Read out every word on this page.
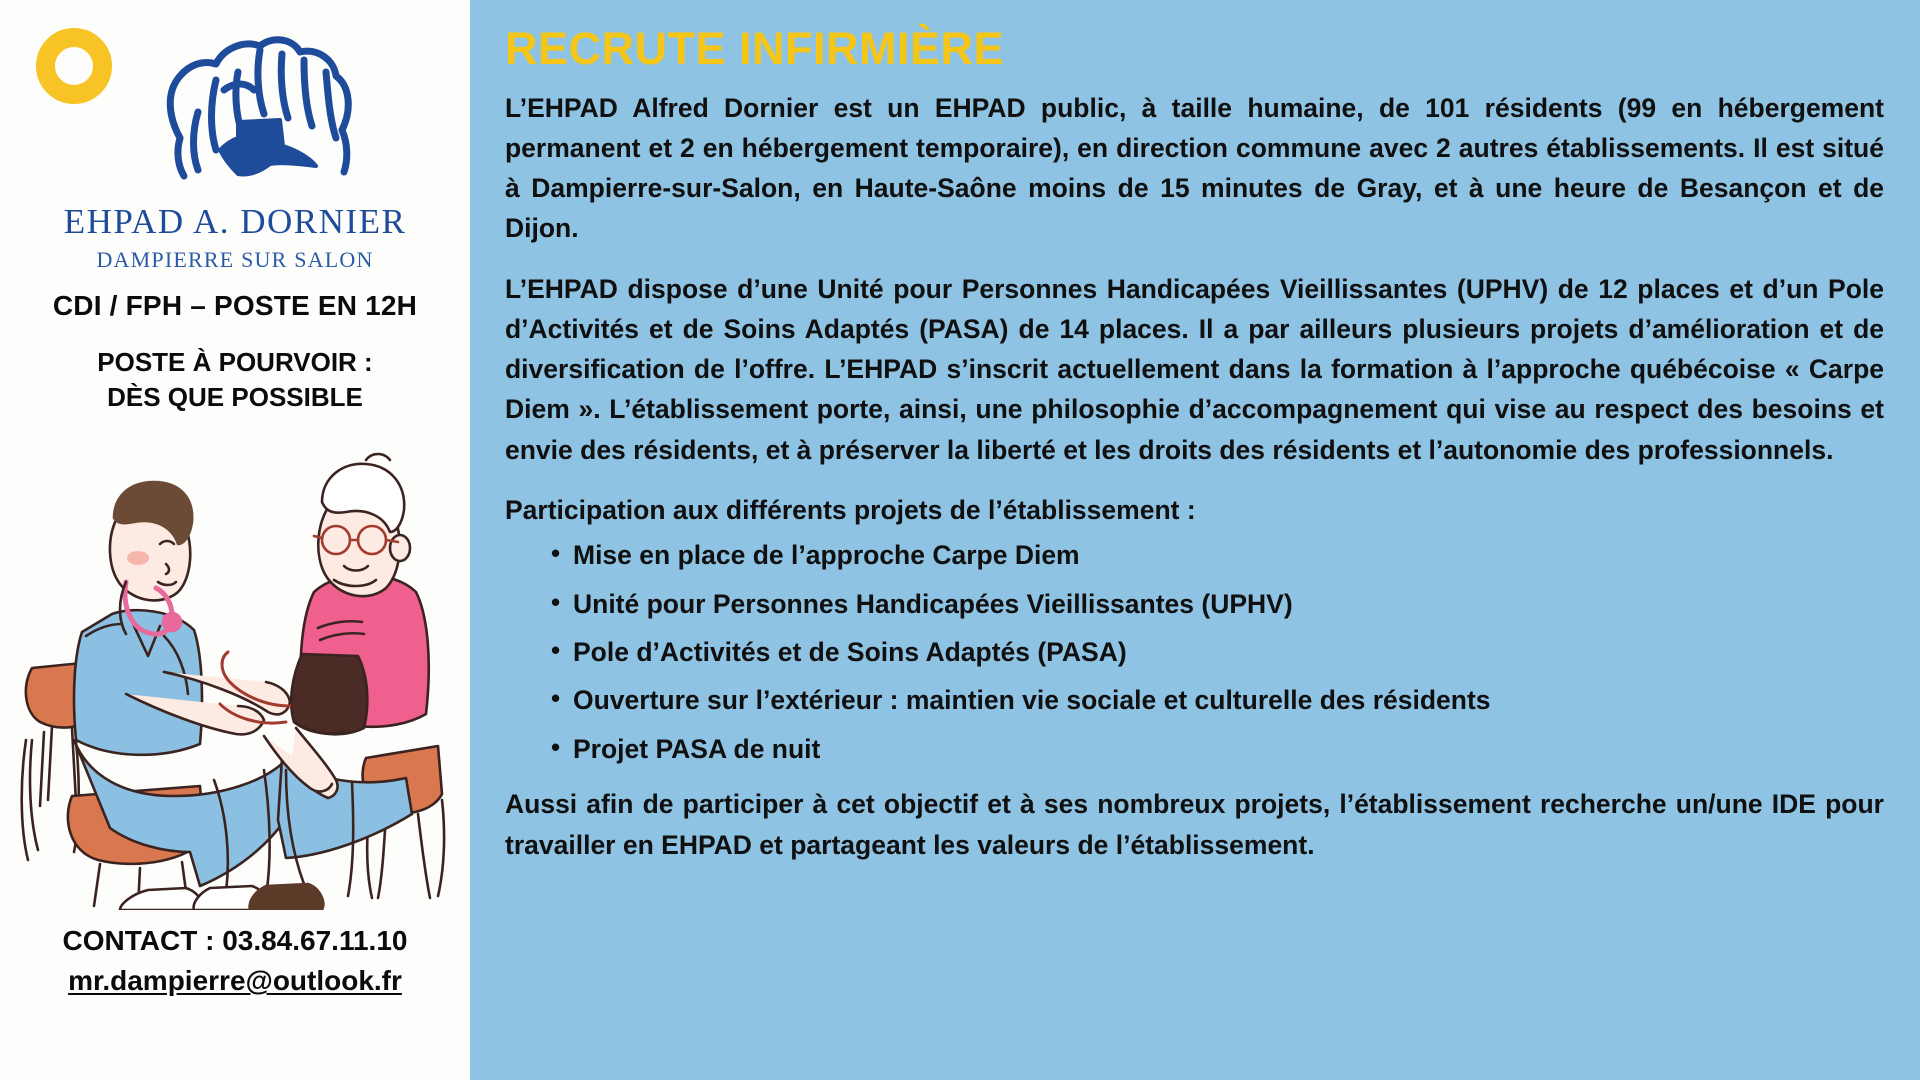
EHPAD A. DORNIER
DAMPIERRE SUR SALON
CDI / FPH – POSTE EN 12H
POSTE À POURVOIR :
DÈS QUE POSSIBLE
CONTACT : 03.84.67.11.10
mr.dampierre@outlook.fr
RECRUTE INFIRMIÈRE

L’EHPAD Alfred Dornier est un EHPAD public, à taille humaine, de 101 résidents (99 en hébergement permanent et 2 en hébergement temporaire), en direction commune avec 2 autres établissements. Il est situé à Dampierre-sur-Salon, en Haute-Saône moins de 15 minutes de Gray, et à une heure de Besançon et de Dijon.

L’EHPAD dispose d’une Unité pour Personnes Handicapées Vieillissantes (UPHV) de 12 places et d’un Pole d’Activités et de Soins Adaptés (PASA) de 14 places. Il a par ailleurs plusieurs projets d’amélioration et de diversification de l’offre. L’EHPAD s’inscrit actuellement dans la formation à l’approche québécoise « Carpe Diem ». L’établissement porte, ainsi, une philosophie d’accompagnement qui vise au respect des besoins et envie des résidents, et à préserver la liberté et les droits des résidents et l’autonomie des professionnels.

Participation aux différents projets de l’établissement :

• Mise en place de l’approche Carpe Diem
• Unité pour Personnes Handicapées Vieillissantes (UPHV)
• Pole d’Activités et de Soins Adaptés (PASA)
• Ouverture sur l’extérieur : maintien vie sociale et culturelle des résidents
• Projet PASA de nuit

Aussi afin de participer à cet objectif et à ses nombreux projets, l’établissement recherche un/une IDE pour travailler en EHPAD et partageant les valeurs de l’établissement.
